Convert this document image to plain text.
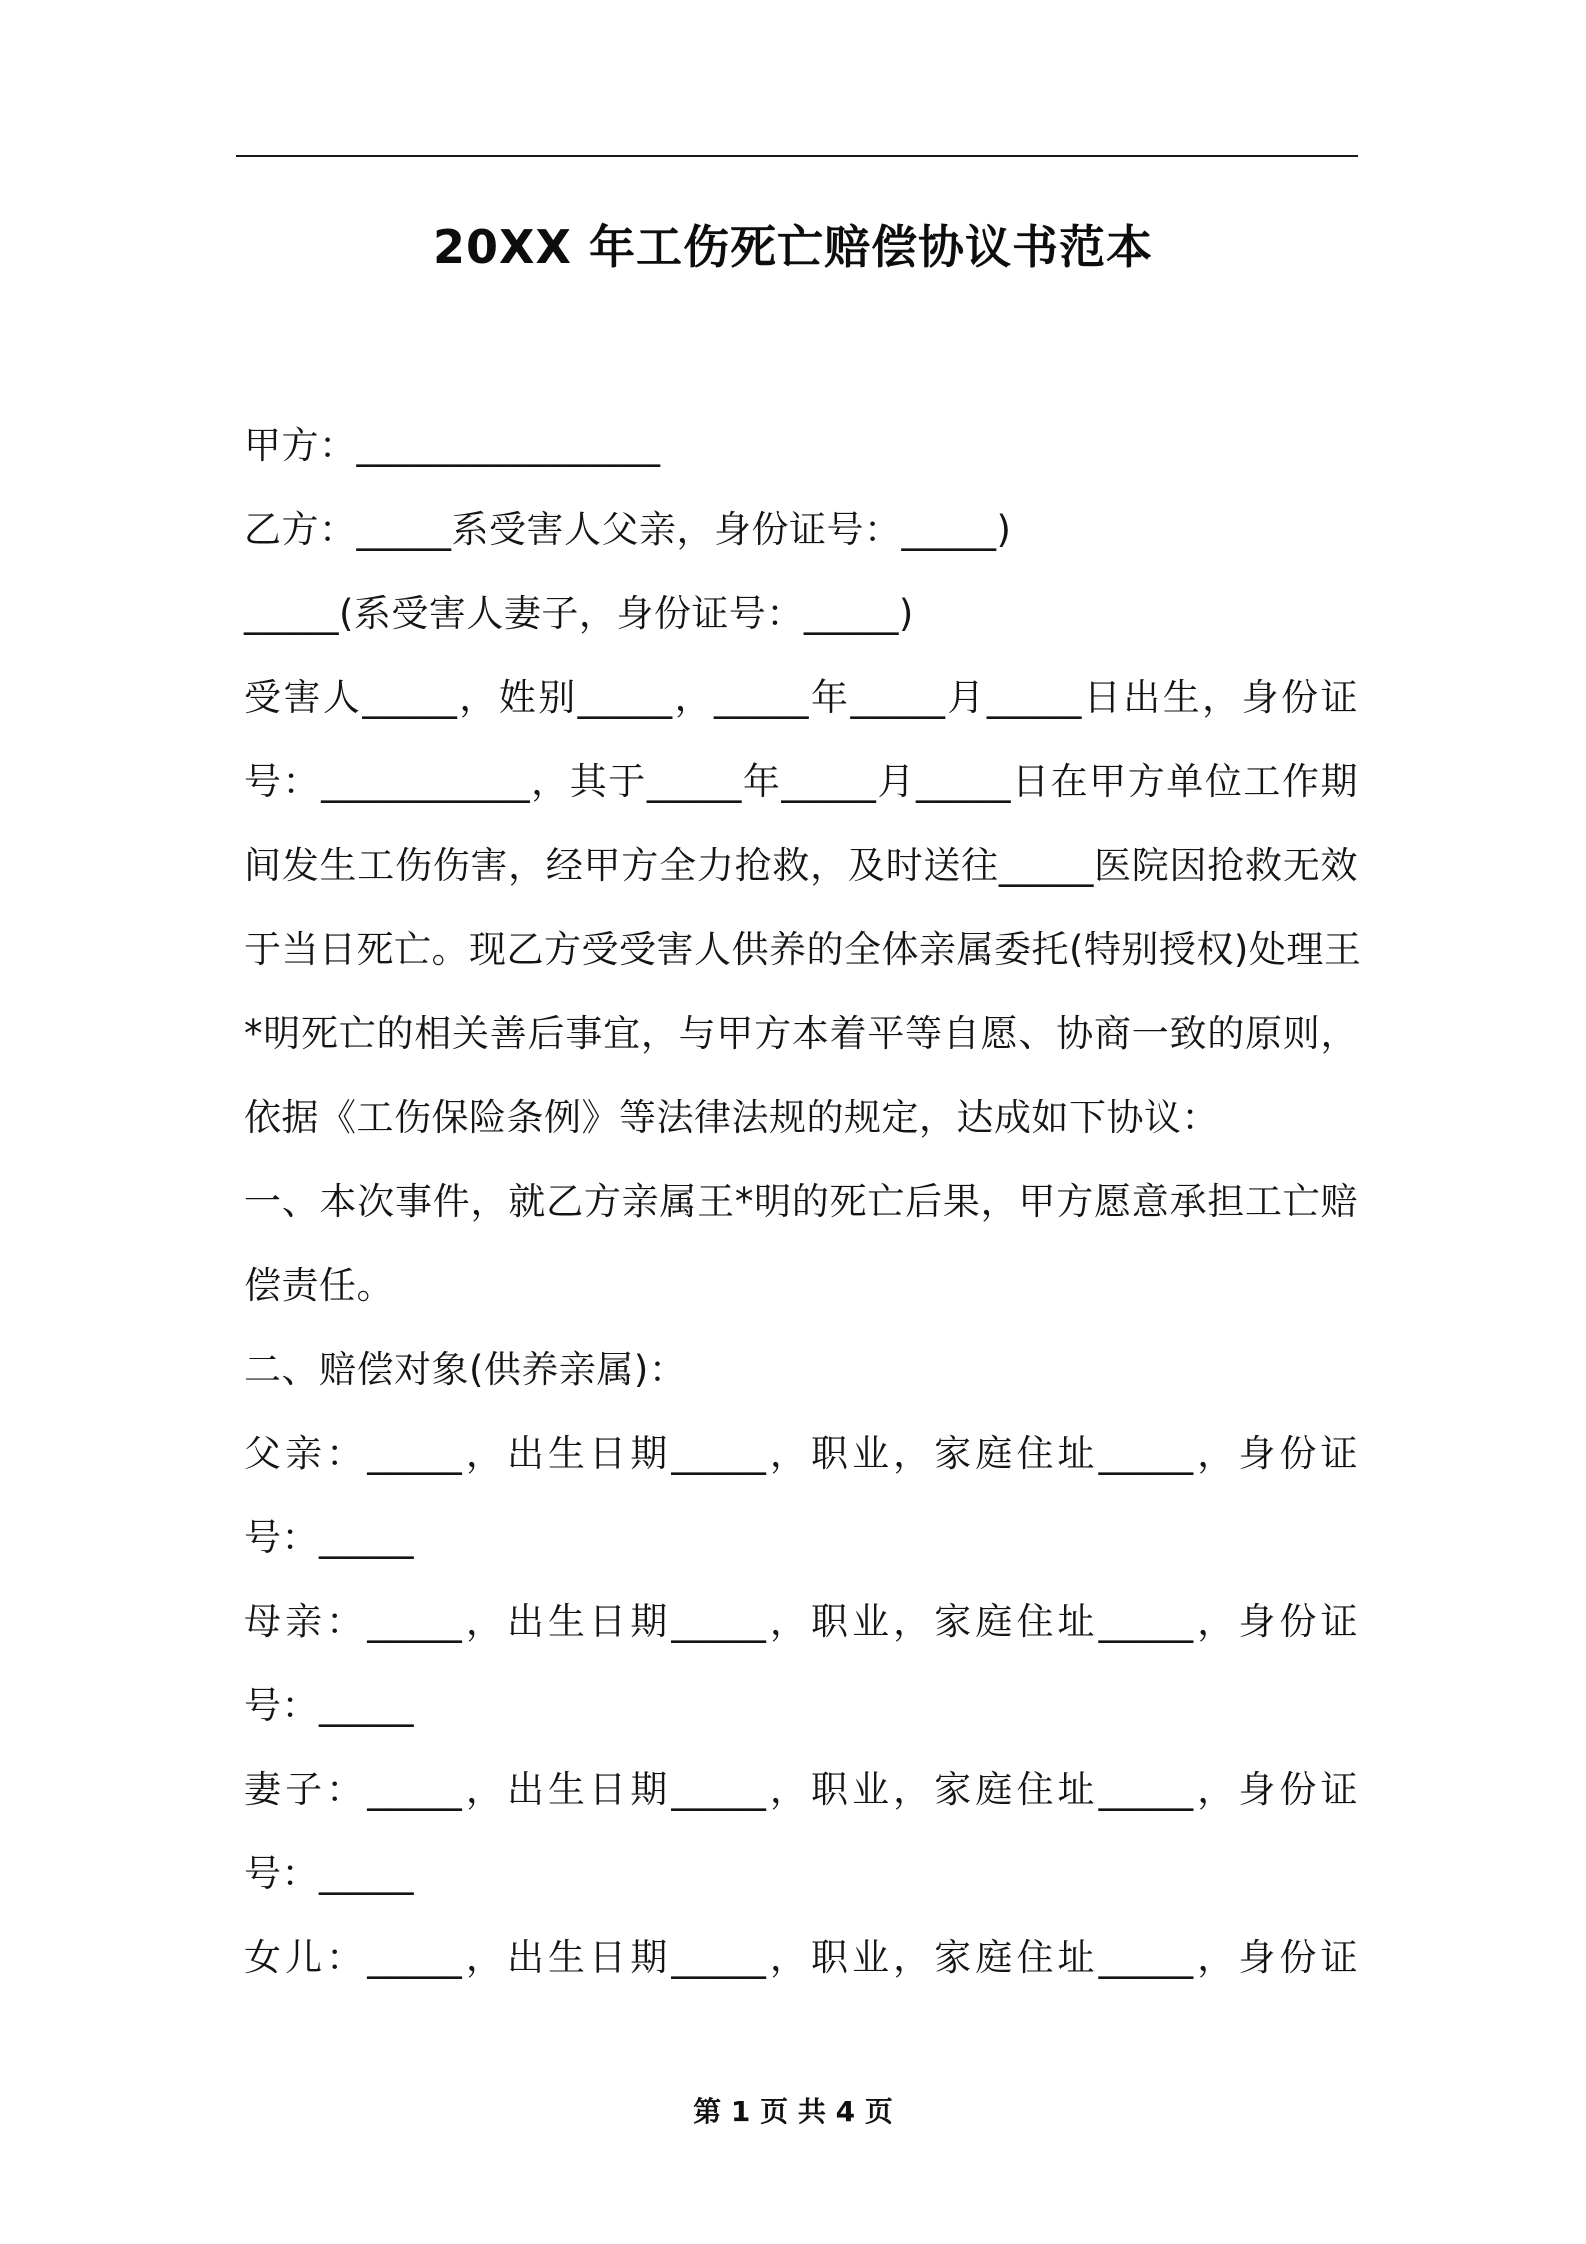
20XX 年工伤死亡赔偿协议书范本
甲方：________________
乙方：_____系受害人父亲，身份证号：_____)
_____(系受害人妻子，身份证号：_____)
受害人_____，姓别_____，_____年_____月_____日出生，身份证
号：___________，其于_____年_____月_____日在甲方单位工作期
间发生工伤伤害，经甲方全力抢救，及时送往_____医院因抢救无效
于当日死亡。现乙方受受害人供养的全体亲属委托(特别授权)处理王
*明死亡的相关善后事宜，与甲方本着平等自愿、协商一致的原则，
依据《工伤保险条例》等法律法规的规定，达成如下协议：
一、本次事件，就乙方亲属王*明的死亡后果，甲方愿意承担工亡赔
偿责任。
二、赔偿对象(供养亲属)：
父亲：_____，出生日期_____，职业，家庭住址_____，身份证
号：_____
母亲：_____，出生日期_____，职业，家庭住址_____，身份证
号：_____
妻子：_____，出生日期_____，职业，家庭住址_____，身份证
号：_____
女儿：_____，出生日期_____，职业，家庭住址_____，身份证
第 1 页 共 4 页
